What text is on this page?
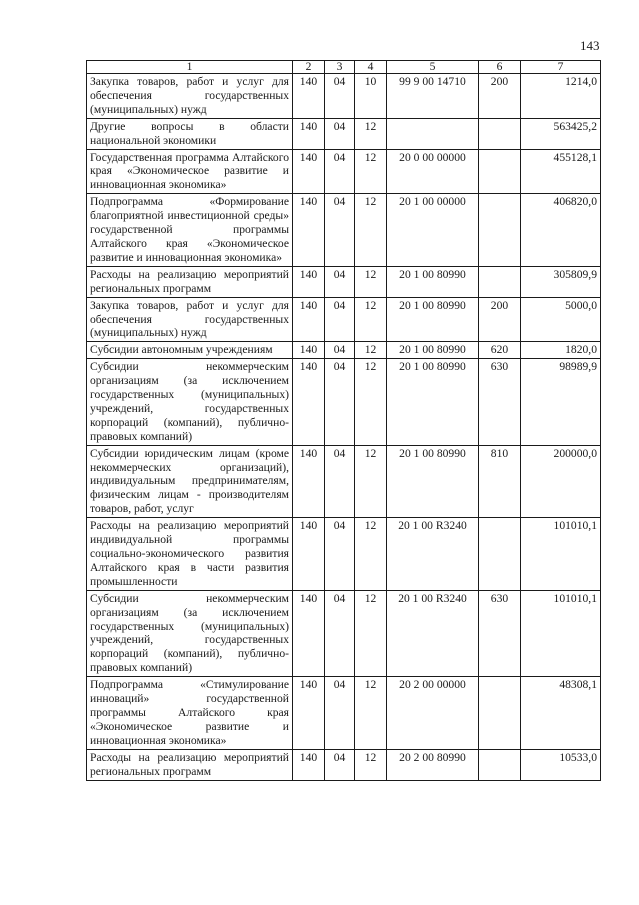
143
1	2	3	4	5	6	7
Закупка товаров, работ и услуг для обеспечения государственных (муниципальных) нужд	140	04	10	99 9 00 14710	200	1214,0
Другие вопросы в области национальной экономики	140	04	12			563425,2
Государственная программа Алтайского края «Экономическое развитие и инновационная экономика»	140	04	12	20 0 00 00000		455128,1
Подпрограмма «Формирование благоприятной инвестиционной среды» государственной программы Алтайского края «Экономическое развитие и инновационная экономика»	140	04	12	20 1 00 00000		406820,0
Расходы на реализацию мероприятий региональных программ	140	04	12	20 1 00 80990		305809,9
Закупка товаров, работ и услуг для обеспечения государственных (муниципальных) нужд	140	04	12	20 1 00 80990	200	5000,0
Субсидии автономным учреждениям	140	04	12	20 1 00 80990	620	1820,0
Субсидии некоммерческим организациям (за исключением государственных (муниципальных) учреждений, государственных корпораций (компаний), публично-правовых компаний)	140	04	12	20 1 00 80990	630	98989,9
Субсидии юридическим лицам (кроме некоммерческих организаций), индивидуальным предпринимателям, физическим лицам - производителям товаров, работ, услуг	140	04	12	20 1 00 80990	810	200000,0
Расходы на реализацию мероприятий индивидуальной программы социально-экономического развития Алтайского края в части развития промышленности	140	04	12	20 1 00 R3240		101010,1
Субсидии некоммерческим организациям (за исключением государственных (муниципальных) учреждений, государственных корпораций (компаний), публично-правовых компаний)	140	04	12	20 1 00 R3240	630	101010,1
Подпрограмма «Стимулирование инноваций» государственной программы Алтайского края «Экономическое развитие и инновационная экономика»	140	04	12	20 2 00 00000		48308,1
Расходы на реализацию мероприятий региональных программ	140	04	12	20 2 00 80990		10533,0
